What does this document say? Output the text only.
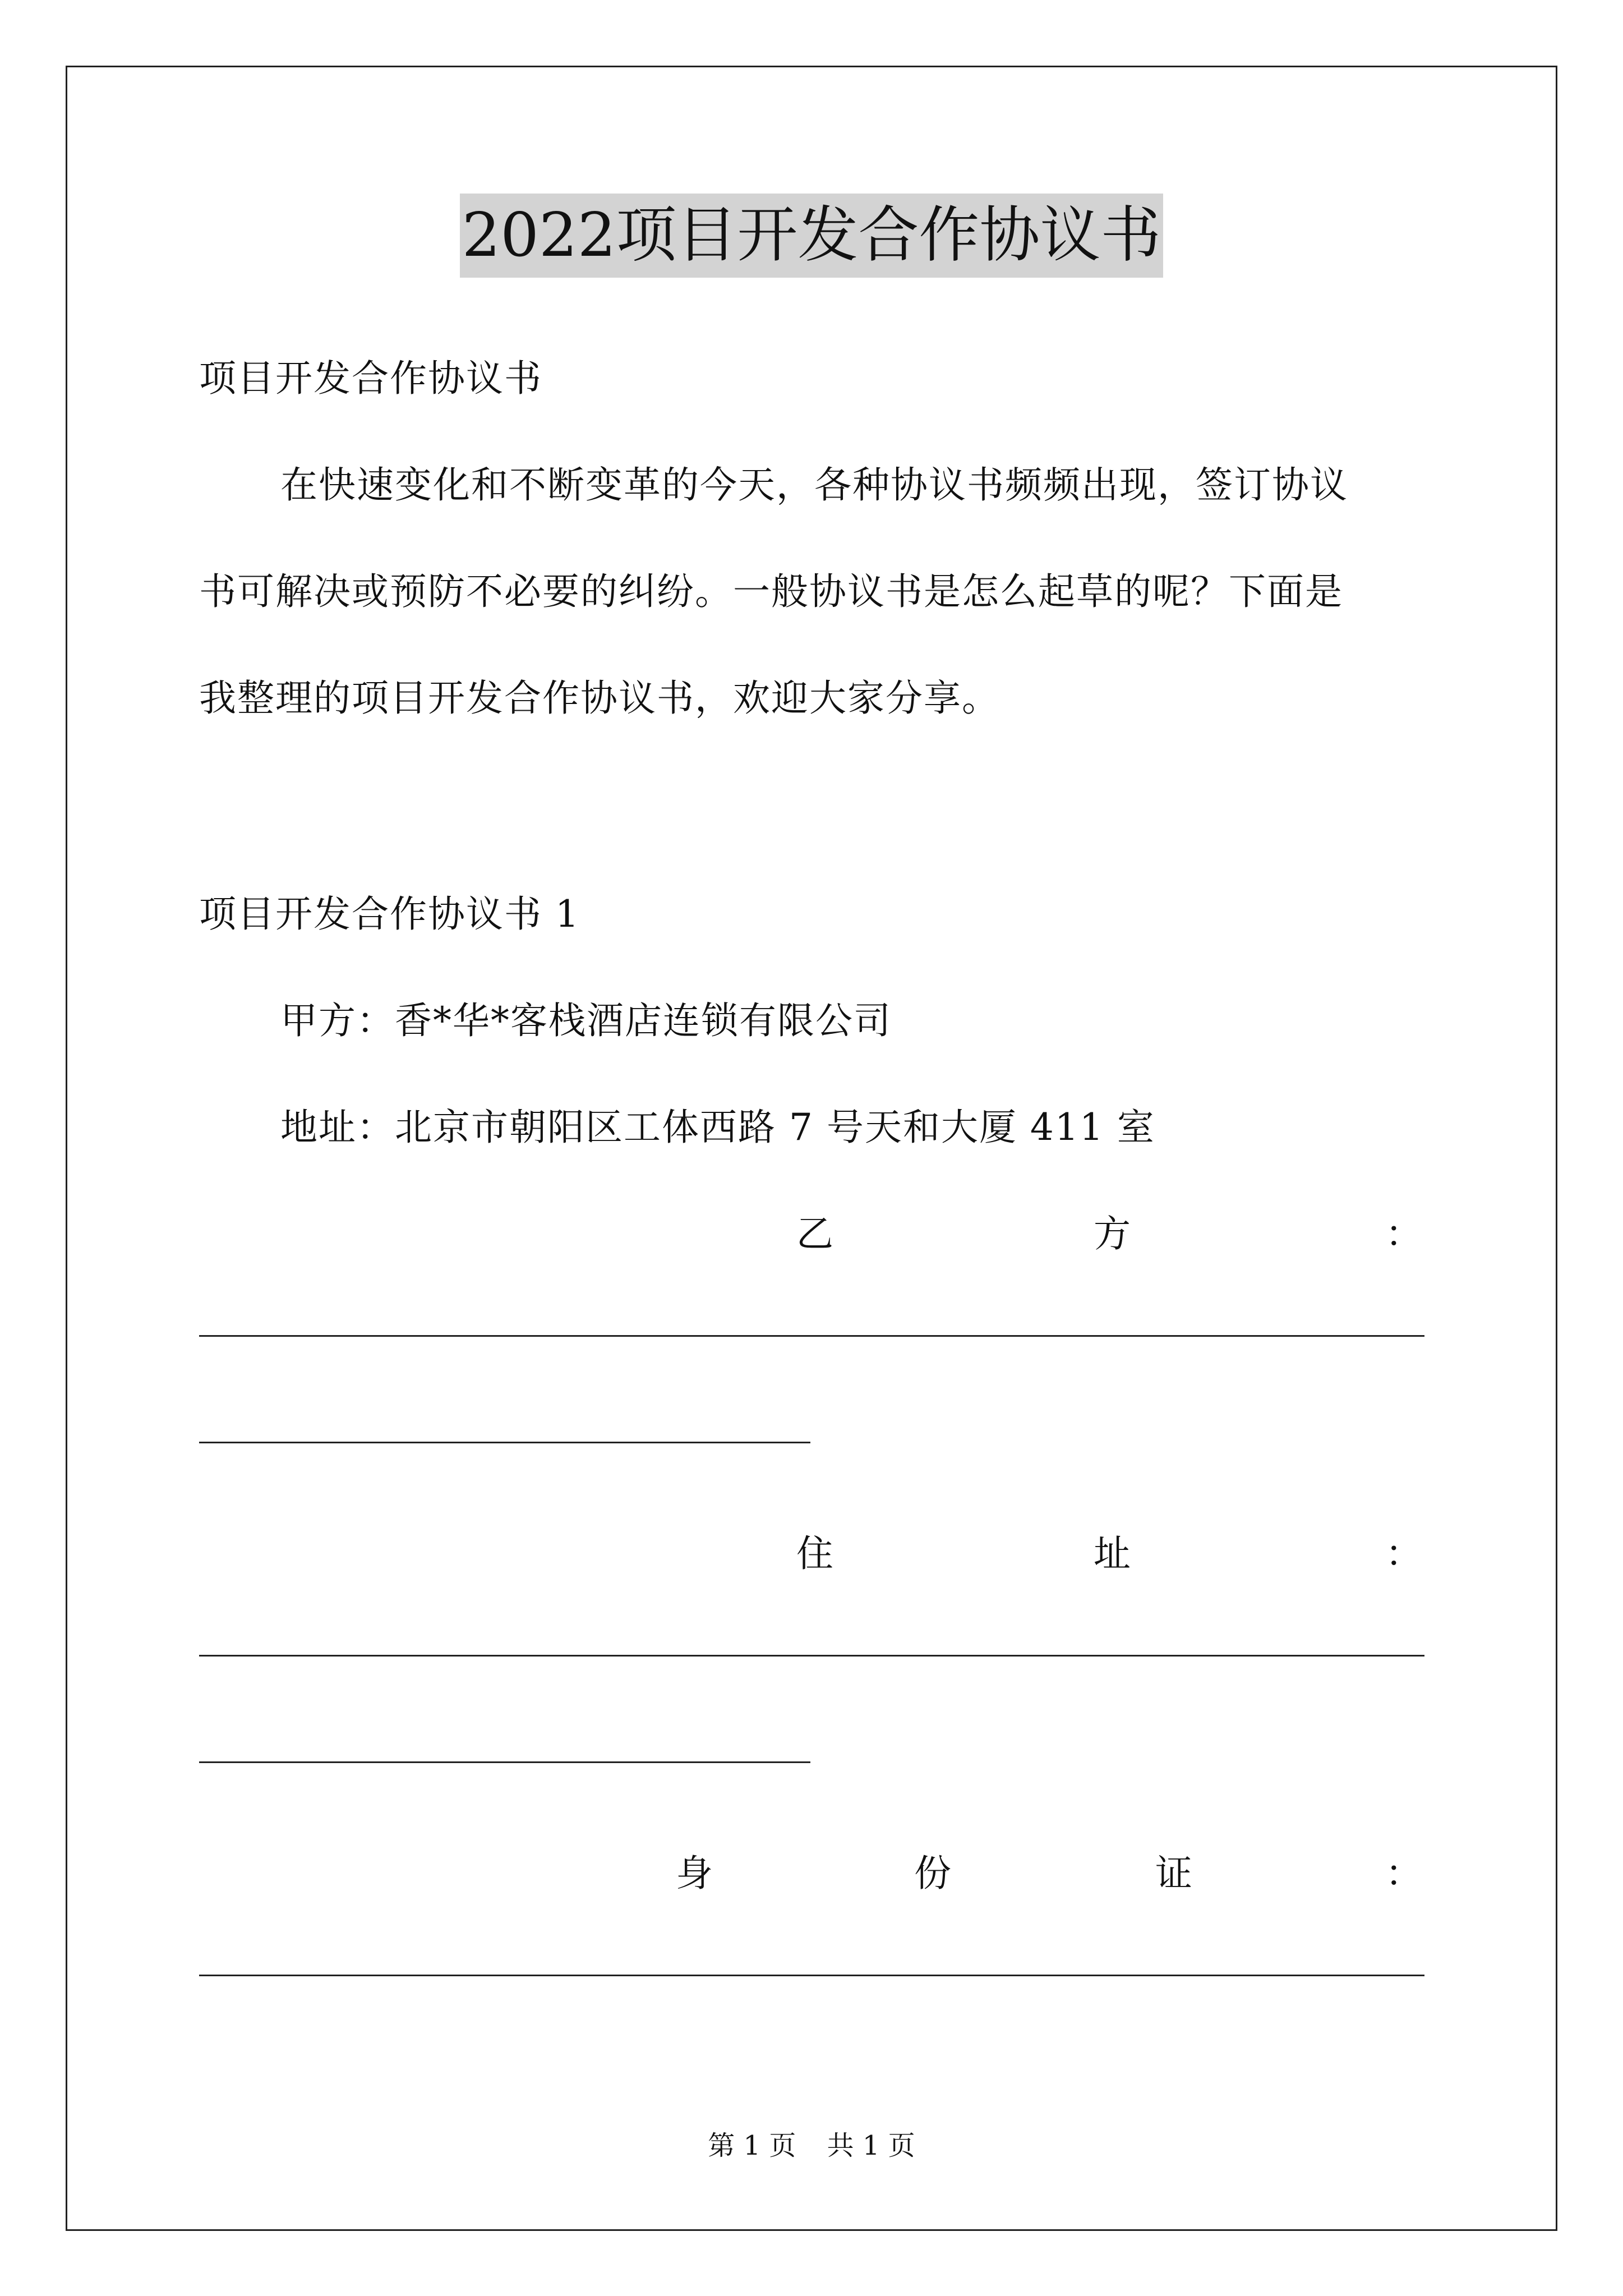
2022项目开发合作协议书
项目开发合作协议书
在快速变化和不断变革的今天，各种协议书频频出现，签订协议
书可解决或预防不必要的纠纷。一般协议书是怎么起草的呢？下面是
我整理的项目开发合作协议书，欢迎大家分享。
项目开发合作协议书 1
甲方：香*华*客栈酒店连锁有限公司
地址：北京市朝阳区工体西路 7 号天和大厦 411 室
乙	方	：
住	址	：
身	份	证	：
第 1 页 共 1 页
